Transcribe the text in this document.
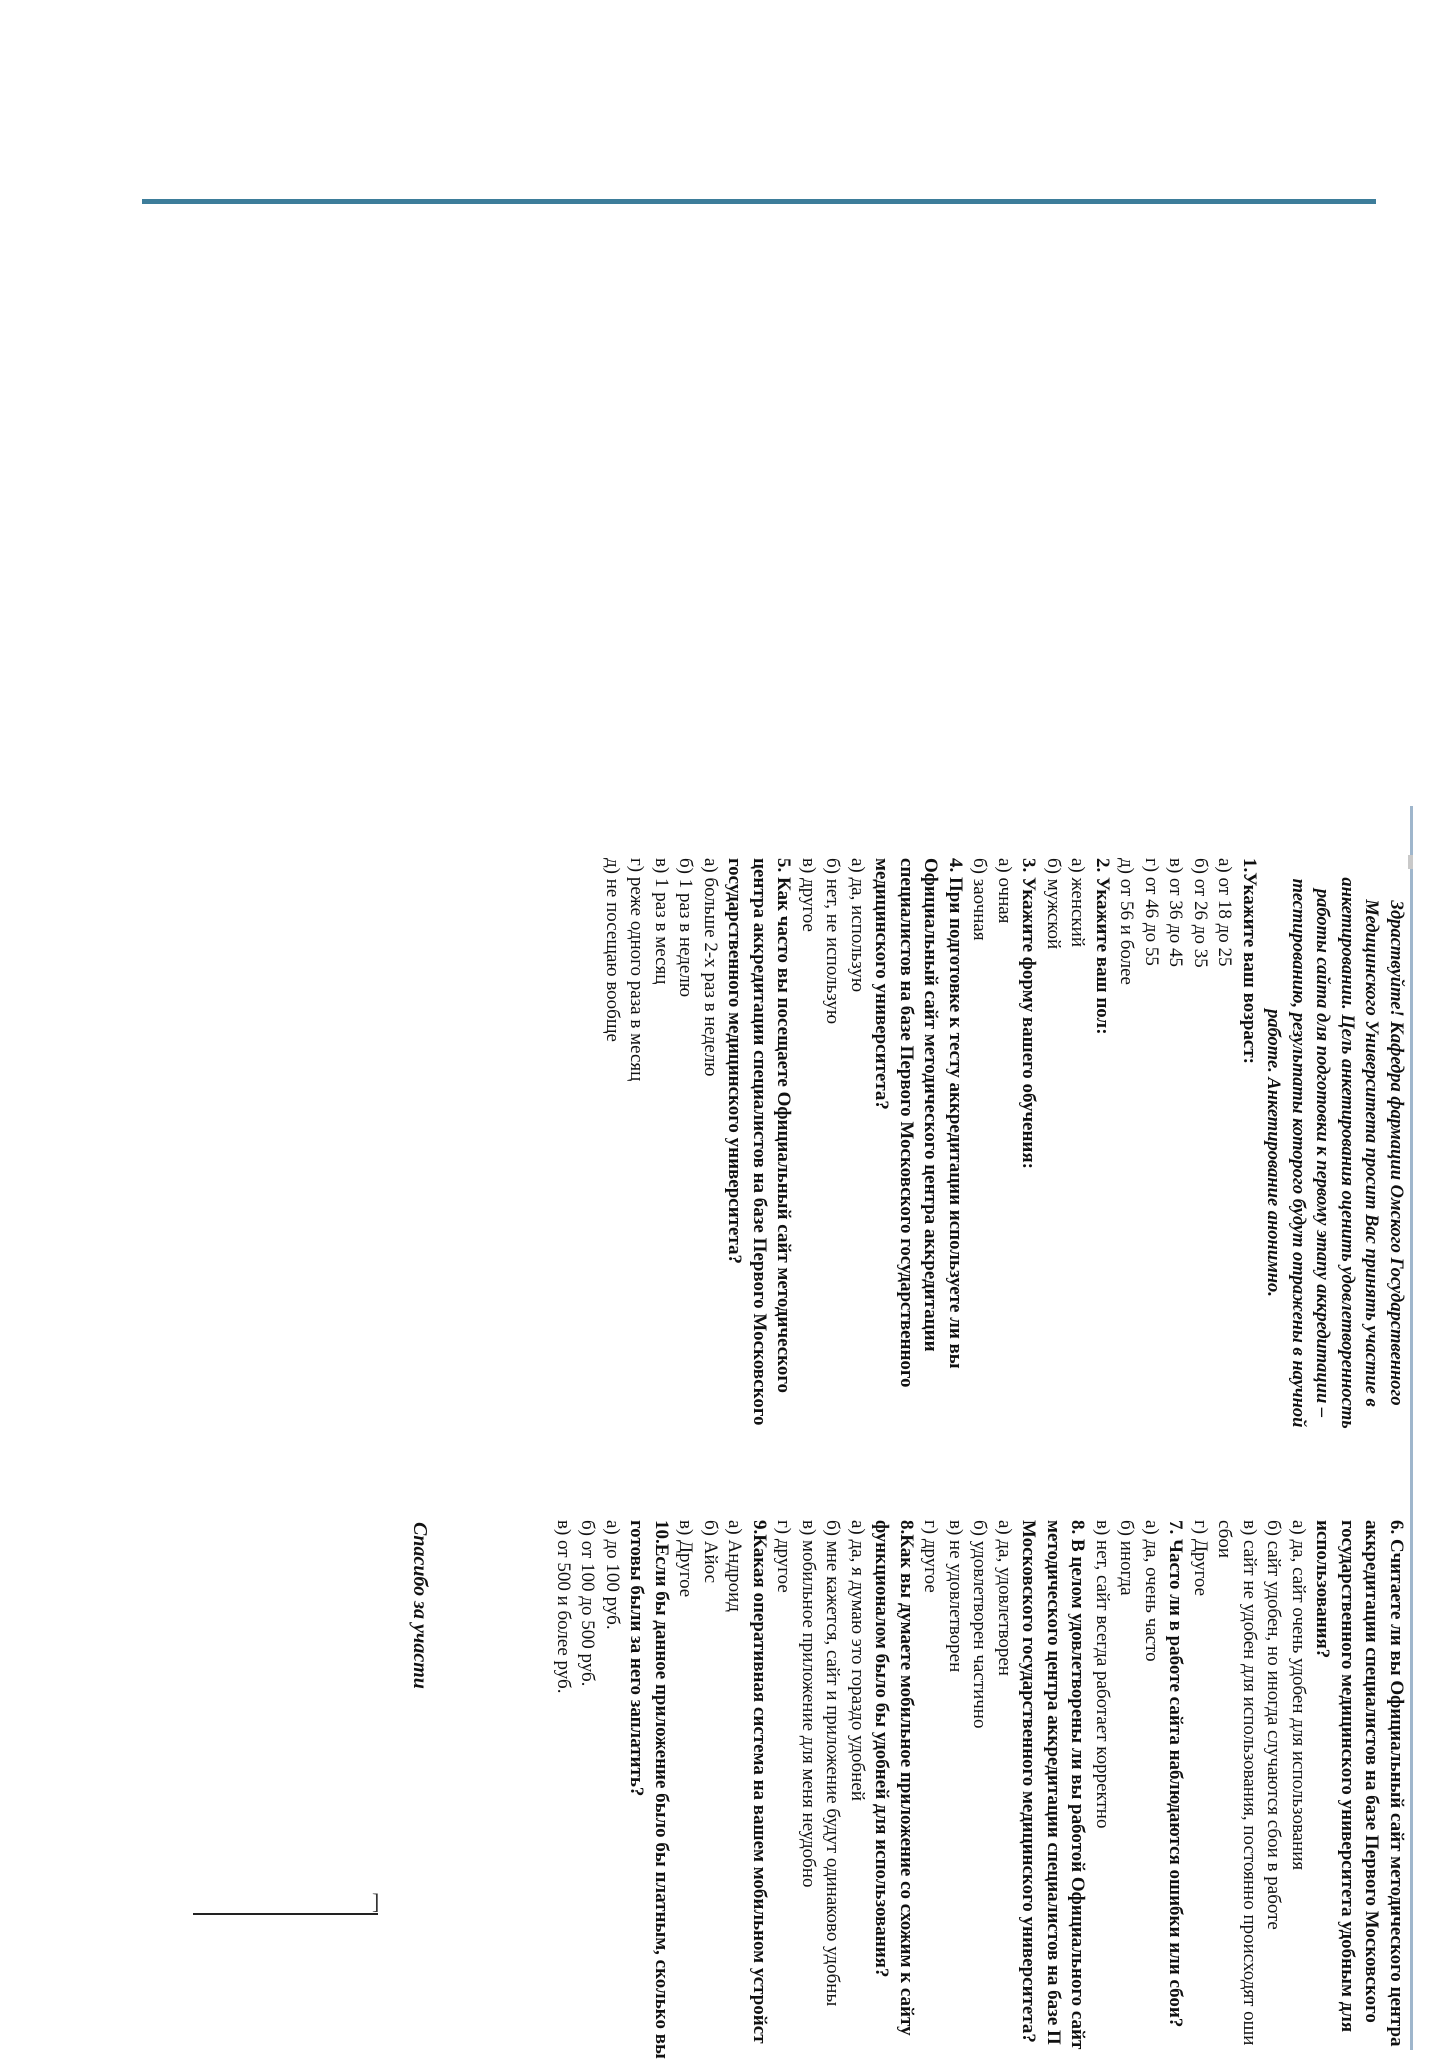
Здраствуйте! Кафедра фармации Омского Государственного

Медицинского Университета просит Вас принять участие в

анкетировании. Цель анкетирования оценить удовлетворенность

работы сайта для подготовки к первому этапу аккредитации –

тестированию, результаты которого будут отражены в научной

работе. Анкетирование анонимно.

1.Укажите ваш возраст:

а) от 18 до 25

б) от 26 до 35

в) от 36 до 45

г) от 46 до 55

д) от 56 и более

2. Укажите ваш пол:

а) женский

б) мужской

3. Укажите форму вашего обучения:

а) очная

б) заочная

4. При подготовке к тесту аккредитации используете ли вы

Официальный сайт методического центра аккредитации

специалистов на базе Первого Московского государственного

медицинского университета?

а) да, использую

б) нет, не использую

в) другое

5. Как часто вы посещаете Официальный сайт методического

центра аккредитации специалистов на базе Первого Московского

государственного медицинского университета?

а) больше 2-х раз в неделю

б) 1 раз в неделю

в) 1 раз в месяц

г) реже одного раза в месяц

д) не посещаю вообще

6. Считаете ли вы Официальный сайт методического центра

аккредитации специалистов на базе Первого Московского

государственного медицинского университета удобным для

использования?

а) да, сайт очень удобен для использования

б) сайт удобен, но иногда случаются сбои в работе

в) сайт не удобен для использования, постоянно происходят оши

сбои

г) Другое

7. Часто ли в работе сайта наблюдаются ошибки или сбои?

а) да, очень часто

б) иногда

в) нет, сайт всегда работает корректно

8. В целом удовлетворены ли вы работой Официального сайт

методического центра аккредитации специалистов на базе П

Московского государственного медицинского университета?

а) да, удовлетворен

б) удовлетворен частично

в) не удовлетворен

г) другое

8.Как вы думаете мобильное приложение со схожим к сайту

функционалом было бы удобней для использования?

а) да, я думаю это гораздо удобней

б) мне кажется, сайт и приложение будут одинаково удобны

в) мобильное приложение для меня неудобно

г) другое

9.Какая оперативная система на вашем мобильном устройст

а) Андроид

б) Айос

в) Другое

10.Если бы данное приложение было бы платным, сколько вы

готовы были за него заплатить?

а) до 100 руб.

б) от 100 до 500 руб.

в) от 500 и более руб.

Спасибо за участи

]
